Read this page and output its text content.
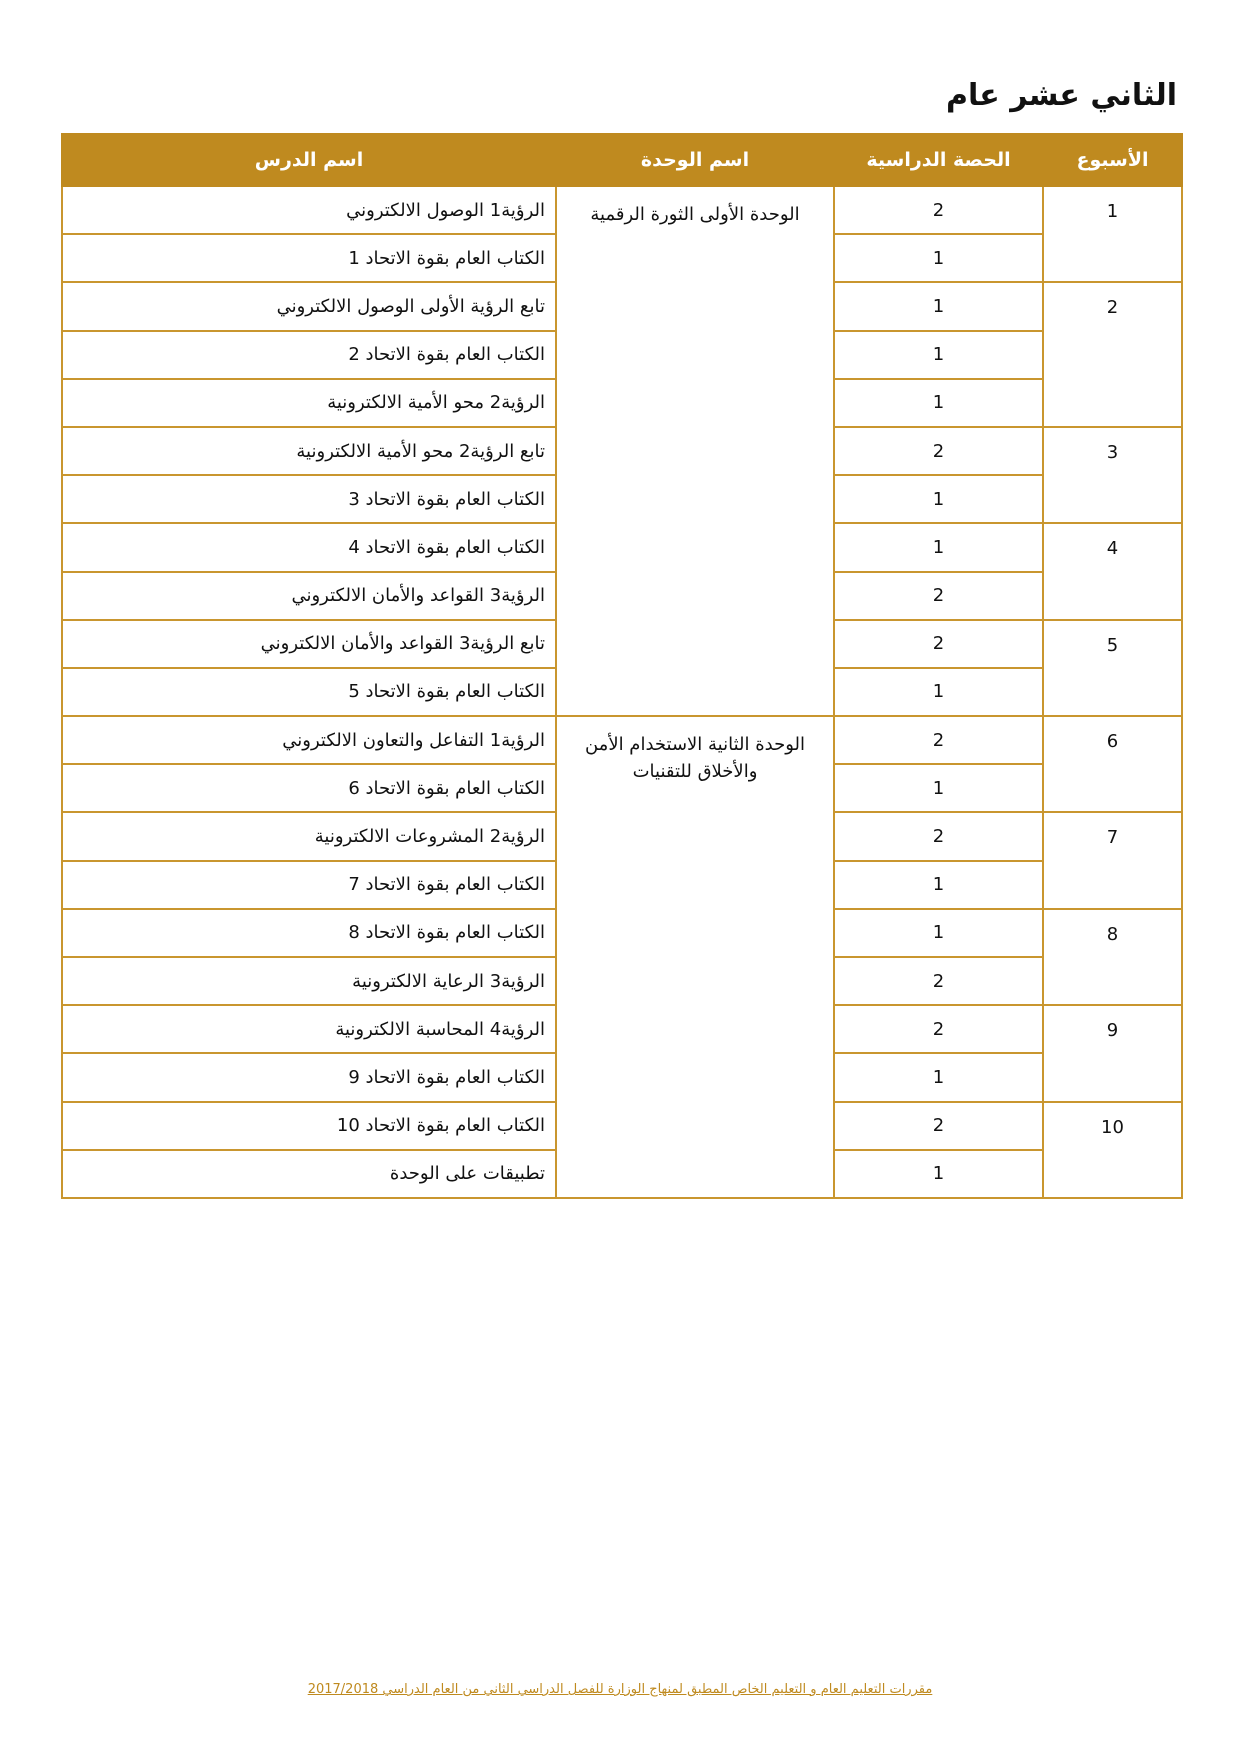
الثاني عشر عام
الأسبوع	الحصة الدراسية	اسم الوحدة	اسم الدرس
1	2	الوحدة الأولى الثورة الرقمية	الرؤية1 الوصول الالكتروني
	1		الكتاب العام بقوة الاتحاد 1
2	1		تابع الرؤية الأولى الوصول الالكتروني
	1		الكتاب العام بقوة الاتحاد 2
	1		الرؤية2 محو الأمية الالكترونية
3	2		تابع الرؤية2 محو الأمية الالكترونية
	1		الكتاب العام بقوة الاتحاد 3
4	1		الكتاب العام بقوة الاتحاد 4
	2		الرؤية3 القواعد والأمان الالكتروني
5	2		تابع الرؤية3 القواعد والأمان الالكتروني
	1		الكتاب العام بقوة الاتحاد 5
6	2	الوحدة الثانية الاستخدام الأمن والأخلاق للتقنيات	الرؤية1 التفاعل والتعاون الالكتروني
	1		الكتاب العام بقوة الاتحاد 6
7	2		الرؤية2 المشروعات الالكترونية
	1		الكتاب العام بقوة الاتحاد 7
8	1		الكتاب العام بقوة الاتحاد 8
	2		الرؤية3 الرعاية الالكترونية
9	2		الرؤية4 المحاسبة الالكترونية
	1		الكتاب العام بقوة الاتحاد 9
10	2		الكتاب العام بقوة الاتحاد 10
	1		تطبيقات على الوحدة
مقررات التعليم العام و التعليم الخاص المطبق لمنهاج الوزارة للفصل الدراسي الثاني من العام الدراسي 2017/2018
